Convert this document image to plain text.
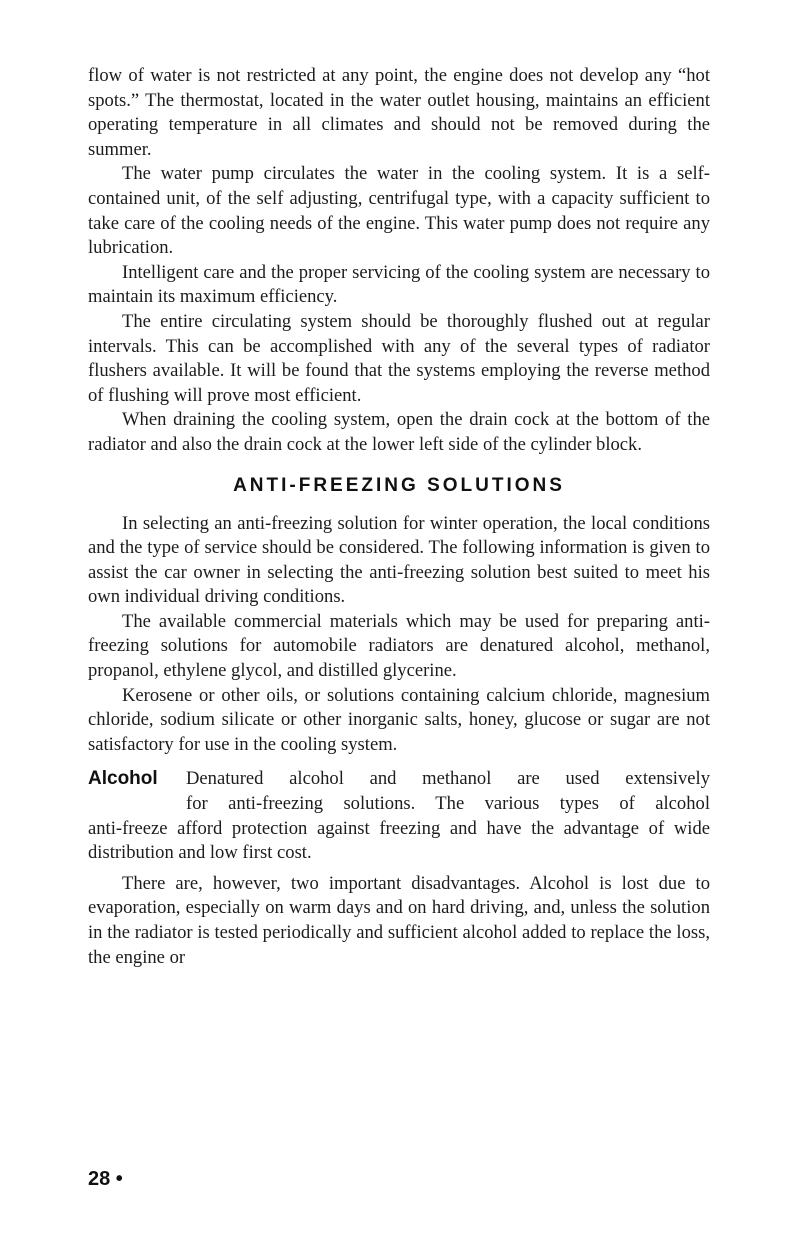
flow of water is not restricted at any point, the engine does not develop any “hot spots.” The thermostat, located in the water outlet housing, maintains an efficient operating temperature in all climates and should not be removed during the summer.

The water pump circulates the water in the cooling system. It is a self-contained unit, of the self adjusting, centrifugal type, with a capacity sufficient to take care of the cooling needs of the engine. This water pump does not require any lubrication.

Intelligent care and the proper servicing of the cooling system are necessary to maintain its maximum efficiency.

The entire circulating system should be thoroughly flushed out at regular intervals. This can be accomplished with any of the several types of radiator flushers available. It will be found that the systems employing the reverse method of flushing will prove most efficient.

When draining the cooling system, open the drain cock at the bottom of the radiator and also the drain cock at the lower left side of the cylinder block.

ANTI-FREEZING SOLUTIONS

In selecting an anti-freezing solution for winter operation, the local conditions and the type of service should be considered. The following information is given to assist the car owner in selecting the anti-freezing solution best suited to meet his own individual driving conditions.

The available commercial materials which may be used for preparing anti-freezing solutions for automobile radiators are denatured alcohol, methanol, propanol, ethylene glycol, and distilled glycerine.

Kerosene or other oils, or solutions containing calcium chloride, magnesium chloride, sodium silicate or other inorganic salts, honey, glucose or sugar are not satisfactory for use in the cooling system.

Alcohol Denatured alcohol and methanol are used extensively

for anti-freezing solutions. The various types of alcohol

anti-freeze afford protection against freezing and have the advantage of wide distribution and low first cost.

There are, however, two important disadvantages. Alcohol is lost due to evaporation, especially on warm days and on hard driving, and, unless the solution in the radiator is tested periodically and sufficient alcohol added to replace the loss, the engine or

28 •
